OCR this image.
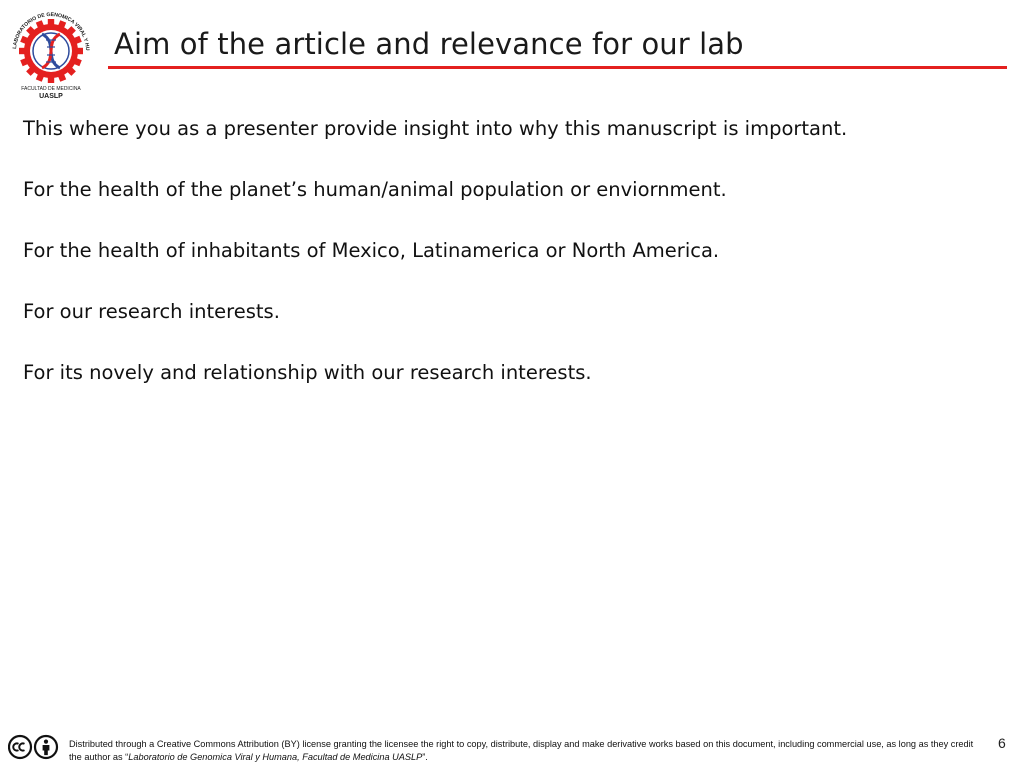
LABORATORIO DE GENOMICA VIRAL Y HU
FACULTAD DE MEDICINA
UASLP
Aim of the article and relevance for our lab
This where you as a presenter provide insight into why this manuscript is important.
For the health of the planet’s human/animal population or enviornment.
For the health of inhabitants of Mexico, Latinamerica or North America.
For our research interests.
For its novely and relationship with our research interests.
Distributed through a Creative Commons Attribution (BY) license granting the licensee the right to copy, distribute, display and make derivative works based on this document, including commercial use, as long as they credit the author as “Laboratorio de Genomica Viral y Humana, Facultad de Medicina UASLP”.
6
